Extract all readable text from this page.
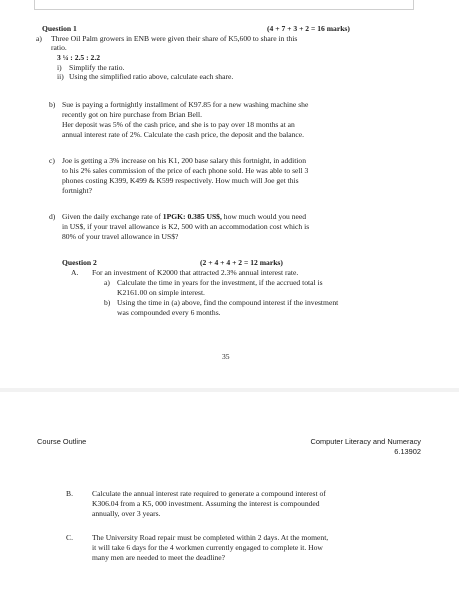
Question 1	(4 + 7 + 3 + 2 = 16 marks)
a) Three Oil Palm growers in ENB were given their share of K5,600 to share in this
ratio.
3 ¼ : 2.5 : 2.2
i) Simplify the ratio.
ii) Using the simplified ratio above, calculate each share.
b) Sue is paying a fortnightly installment of K97.85 for a new washing machine she
recently got on hire purchase from Brian Bell.
Her deposit was 5% of the cash price, and she is to pay over 18 months at an
annual interest rate of 2%. Calculate the cash price, the deposit and the balance.
c) Joe is getting a 3% increase on his K1, 200 base salary this fortnight, in addition
to his 2% sales commission of the price of each phone sold. He was able to sell 3
phones costing K399, K499 & K599 respectively. How much will Joe get this
fortnight?
d) Given the daily exchange rate of 1PGK: 0.385 US$, how much would you need
in US$, if your travel allowance is K2, 500 with an accommodation cost which is
80% of your travel allowance in US$?
Question 2	(2 + 4 + 4 + 2 = 12 marks)
A. For an investment of K2000 that attracted 2.3% annual interest rate.
a) Calculate the time in years for the investment, if the accrued total is
K2161.00 on simple interest.
b) Using the time in (a) above, find the compound interest if the investment
was compounded every 6 months.
35
Course Outline	Computer Literacy and Numeracy
6.13902
B.	Calculate the annual interest rate required to generate a compound interest of
K306.04 from a K5, 000 investment. Assuming the interest is compounded
annually, over 3 years.
C.	The University Road repair must be completed within 2 days. At the moment,
it will take 6 days for the 4 workmen currently engaged to complete it. How
many men are needed to meet the deadline?
